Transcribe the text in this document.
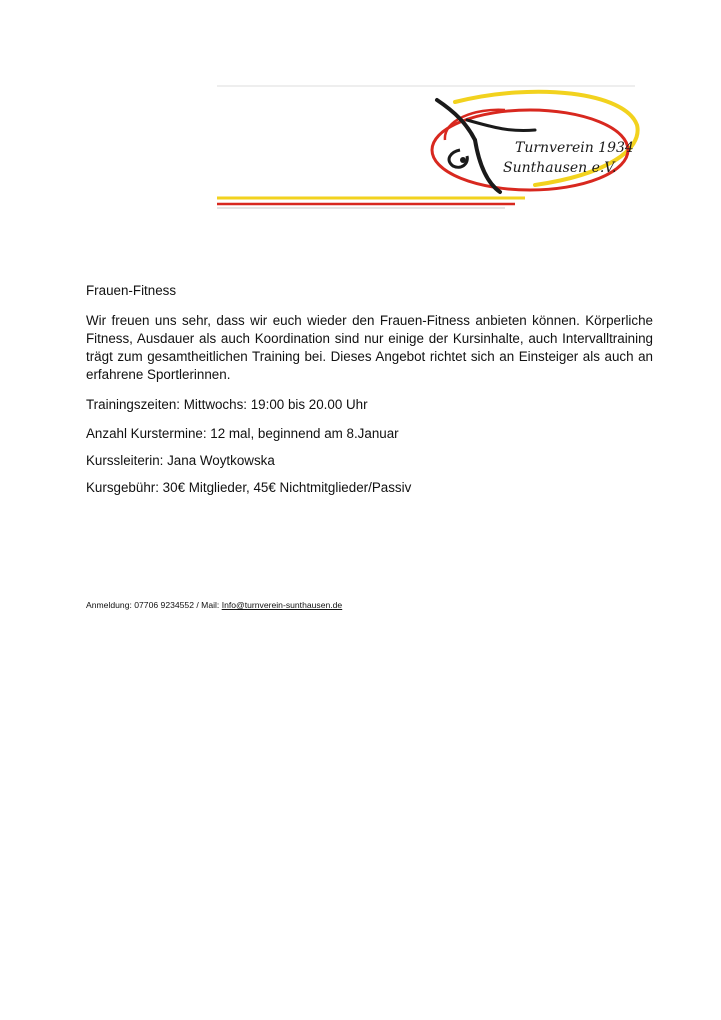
Turnverein 1934
Sunthausen e.V.
Frauen-Fitness
Wir freuen uns sehr, dass wir euch wieder den Frauen-Fitness anbieten können. Körperliche Fitness, Ausdauer als auch Koordination sind nur einige der Kursinhalte, auch Intervalltraining trägt zum gesamtheitlichen Training bei. Dieses Angebot richtet sich an Einsteiger als auch an erfahrene Sportlerinnen.
Trainingszeiten: Mittwochs: 19:00 bis 20.00 Uhr
Anzahl Kurstermine: 12 mal, beginnend am 8.Januar
Kurssleiterin: Jana Woytkowska
Kursgebühr: 30€ Mitglieder, 45€ Nichtmitglieder/Passiv
Anmeldung: 07706 9234552 / Mail: Info@turnverein-sunthausen.de
